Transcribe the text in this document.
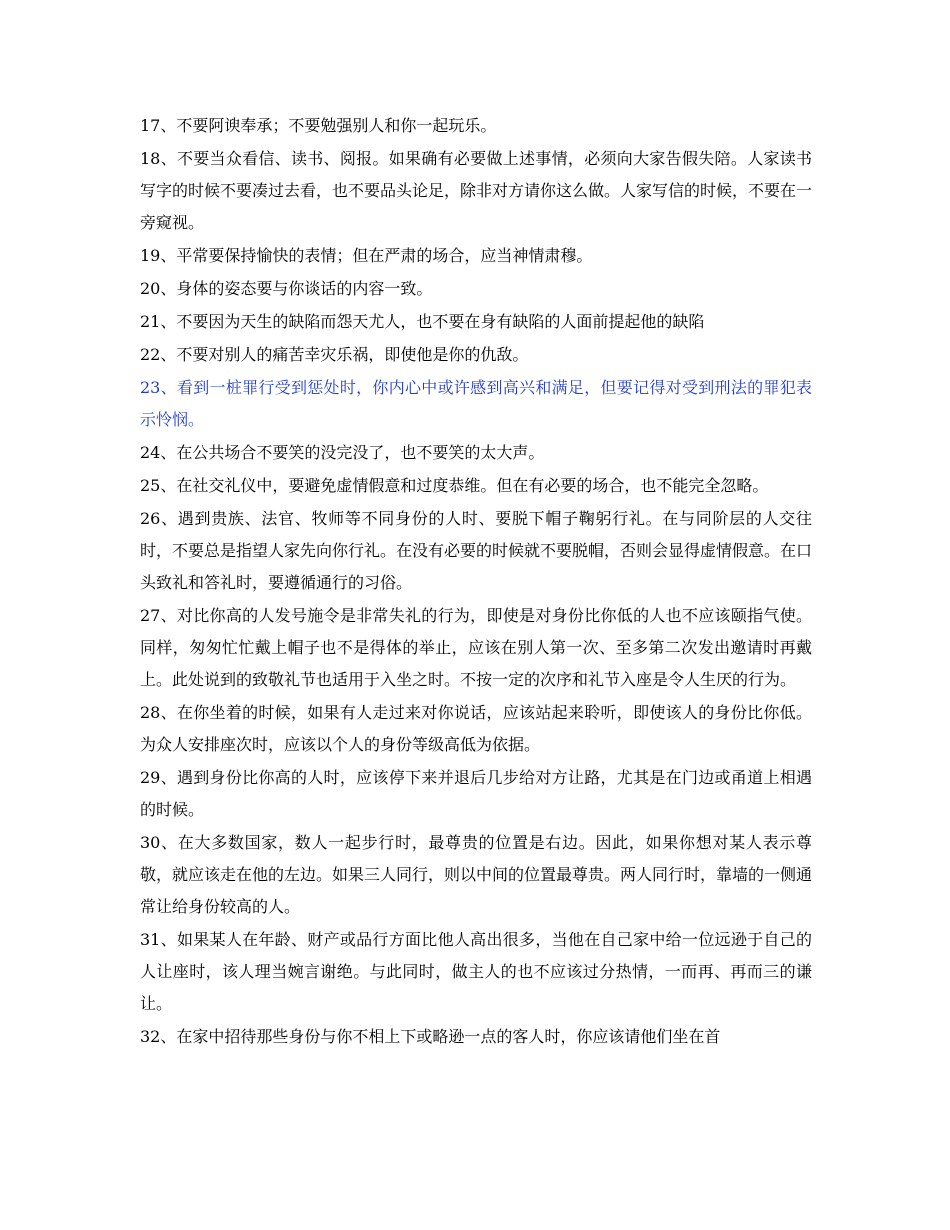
17、不要阿谀奉承；不要勉强别人和你一起玩乐。

18、不要当众看信、读书、阅报。如果确有必要做上述事情，必须向大家告假失陪。人家读书写字的时候不要凑过去看，也不要品头论足，除非对方请你这么做。人家写信的时候，不要在一旁窥视。

19、平常要保持愉快的表情；但在严肃的场合，应当神情肃穆。

20、身体的姿态要与你谈话的内容一致。

21、不要因为天生的缺陷而怨天尤人，也不要在身有缺陷的人面前提起他的缺陷

22、不要对别人的痛苦幸灾乐祸，即使他是你的仇敌。

23、看到一桩罪行受到惩处时，你内心中或许感到高兴和满足，但要记得对受到刑法的罪犯表示怜悯。

24、在公共场合不要笑的没完没了，也不要笑的太大声。

25、在社交礼仪中，要避免虚情假意和过度恭维。但在有必要的场合，也不能完全忽略。

26、遇到贵族、法官、牧师等不同身份的人时、要脱下帽子鞠躬行礼。在与同阶层的人交往时，不要总是指望人家先向你行礼。在没有必要的时候就不要脱帽，否则会显得虚情假意。在口头致礼和答礼时，要遵循通行的习俗。

27、对比你高的人发号施令是非常失礼的行为，即使是对身份比你低的人也不应该颐指气使。同样，匆匆忙忙戴上帽子也不是得体的举止，应该在别人第一次、至多第二次发出邀请时再戴上。此处说到的致敬礼节也适用于入坐之时。不按一定的次序和礼节入座是令人生厌的行为。

28、在你坐着的时候，如果有人走过来对你说话，应该站起来聆听，即使该人的身份比你低。为众人安排座次时，应该以个人的身份等级高低为依据。

29、遇到身份比你高的人时，应该停下来并退后几步给对方让路，尤其是在门边或甬道上相遇的时候。

30、在大多数国家，数人一起步行时，最尊贵的位置是右边。因此，如果你想对某人表示尊敬，就应该走在他的左边。如果三人同行，则以中间的位置最尊贵。两人同行时，靠墙的一侧通常让给身份较高的人。

31、如果某人在年龄、财产或品行方面比他人高出很多，当他在自己家中给一位远逊于自己的人让座时，该人理当婉言谢绝。与此同时，做主人的也不应该过分热情，一而再、再而三的谦让。

32、在家中招待那些身份与你不相上下或略逊一点的客人时，你应该请他们坐在首
